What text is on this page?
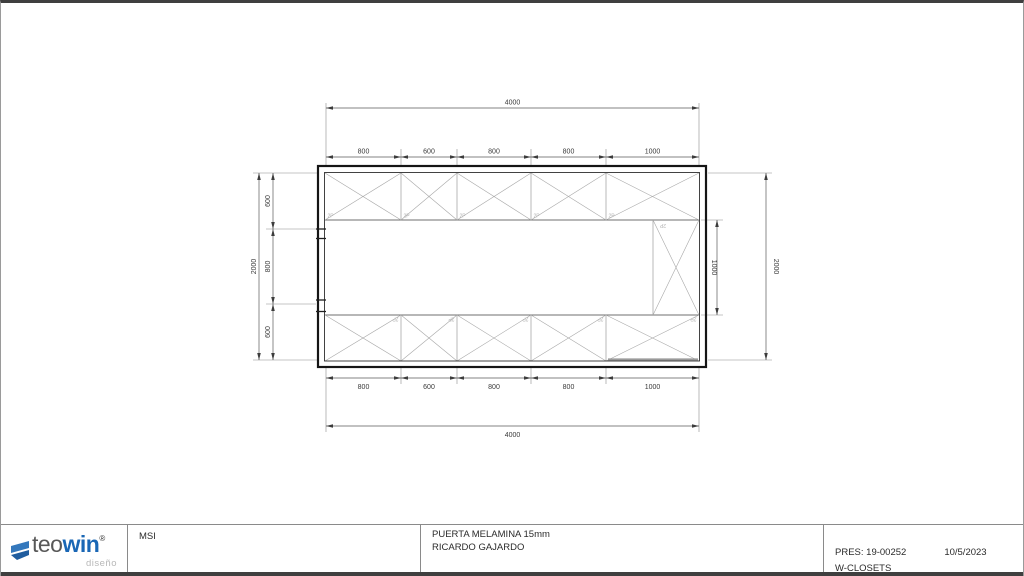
4000
800	600	800	800	1000
800	600	800	800	1000
4000
2000
600
800
600
2000
1000
2P	2P	2P	2P	2P
2P	2P	2P	2P	2P
2P
teowin®
diseño
MSI	PUERTA MELAMINA 15mm
RICARDO GAJARDO	PRES: 19-00252	10/5/2023
W-CLOSETS
